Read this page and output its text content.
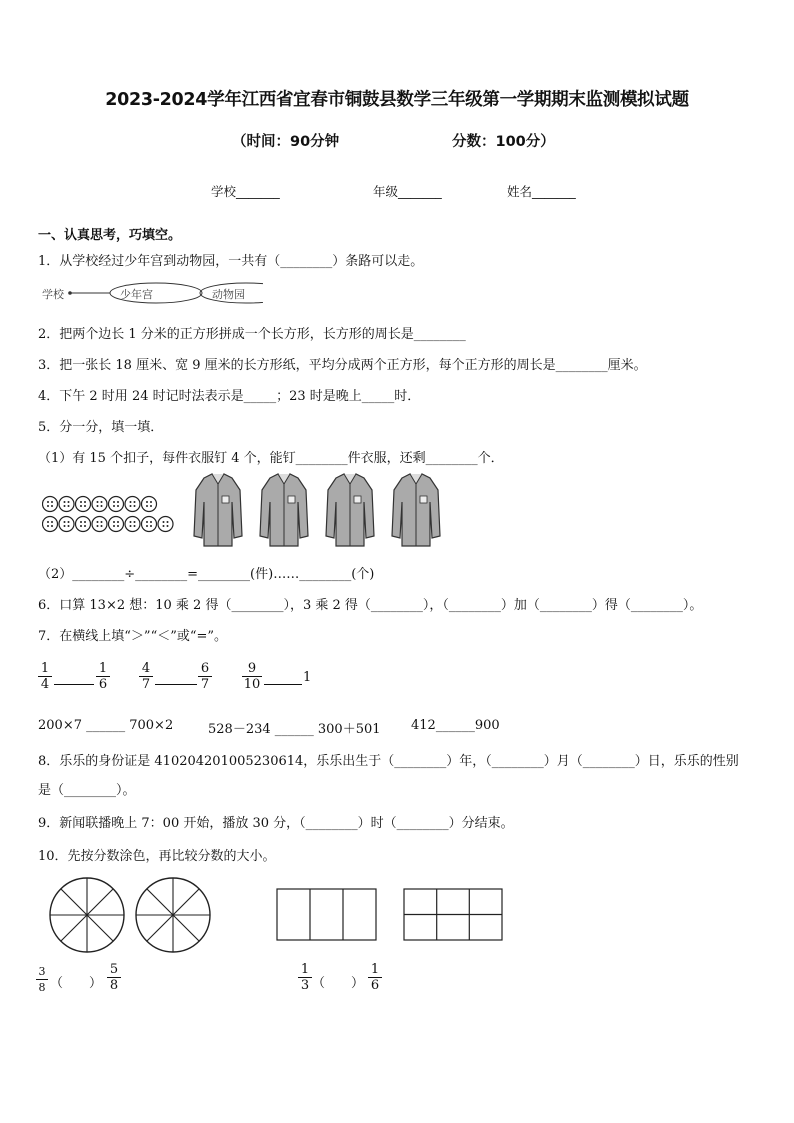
2023-2024学年江西省宜春市铜鼓县数学三年级第一学期期末监测模拟试题
（时间：90分钟	分数：100分）
学校_______	年级_______	姓名_______
一、认真思考，巧填空。
1．从学校经过少年宫到动物园，一共有（________）条路可以走。
学校	少年宫	动物园
2．把两个边长 1 分米的正方形拼成一个长方形，长方形的周长是________
3．把一张长 18 厘米、宽 9 厘米的长方形纸，平均分成两个正方形，每个正方形的周长是________厘米。
4．下午 2 时用 24 时记时法表示是_____；23 时是晚上_____时．
5．分一分，填一填．
（1）有 15 个扣子，每件衣服钉 4 个，能钉________件衣服，还剩________个．
（2）________÷________=________(件)……________(个)
6．口算 13×2 想：10 乘 2 得（________），3 乘 2 得（________），（________）加（________）得（________）。
7．在横线上填“＞”“＜”或“=”。
1
4
1
6
4
7
6
7
9
10	1
200×7 ______ 700×2	528－234 ______ 300＋501 412______900
8．乐乐的身份证是 410204201005230614，乐乐出生于（________）年，（________）月（________）日，乐乐的性别
是（________）。
9．新闻联播晚上 7：00 开始，播放 30 分，（________）时（________）分结束。
10．先按分数涂色，再比较分数的大小。
3
8 （　　）
5
8
1
3 （　　）
1
6
